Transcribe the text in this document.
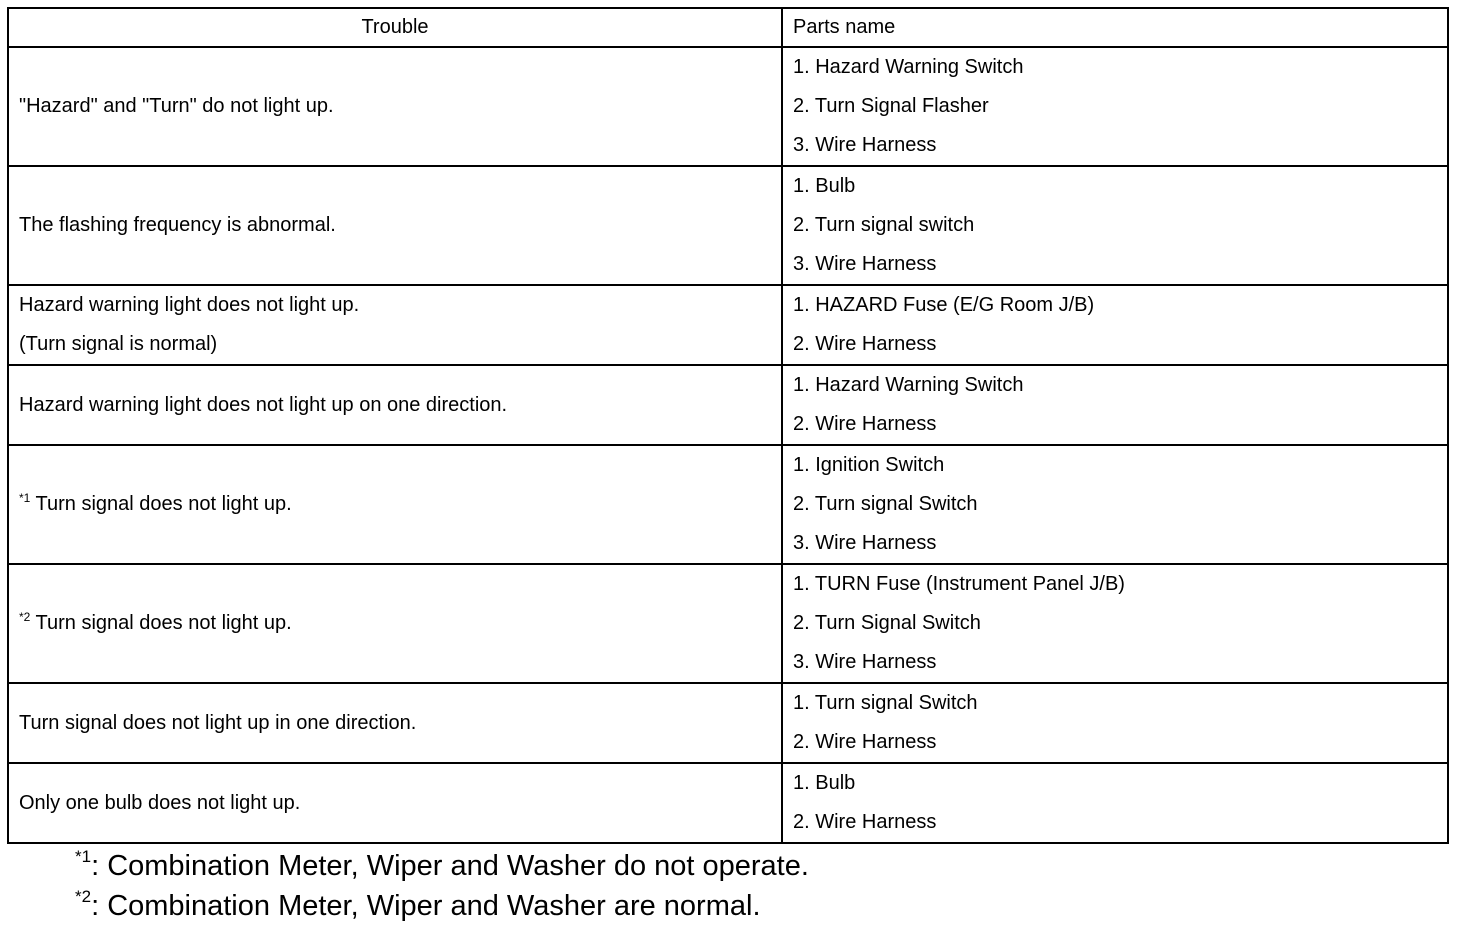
Trouble	Parts name

"Hazard" and "Turn" do not light up.	1. Hazard Warning Switch
2. Turn Signal Flasher
3. Wire Harness

The flashing frequency is abnormal.	1. Bulb
2. Turn signal switch
3. Wire Harness

Hazard warning light does not light up.
(Turn signal is normal)	1. HAZARD Fuse (E/G Room J/B)
2. Wire Harness

Hazard warning light does not light up on one direction.	1. Hazard Warning Switch
2. Wire Harness

$^{*1}$ Turn signal does not light up.	1. Ignition Switch
2. Turn signal Switch
3. Wire Harness

$^{*2}$ Turn signal does not light up.	1. TURN Fuse (Instrument Panel J/B)
2. Turn Signal Switch
3. Wire Harness

Turn signal does not light up in one direction.	1. Turn signal Switch
2. Wire Harness

Only one bulb does not light up.	1. Bulb
2. Wire Harness
$^{*1}$: Combination Meter, Wiper and Washer do not operate.
$^{*2}$: Combination Meter, Wiper and Washer are normal.
